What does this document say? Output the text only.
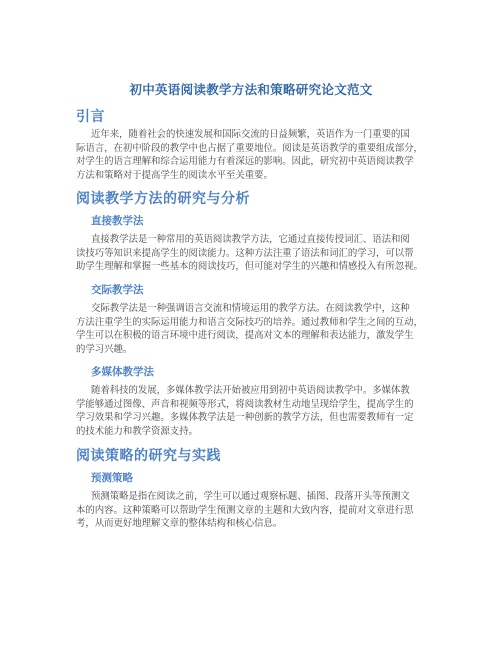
初中英语阅读教学方法和策略研究论文范文
引言
近年来，随着社会的快速发展和国际交流的日益频繁，英语作为一门重要的国
际语言，在初中阶段的教学中也占据了重要地位。阅读是英语教学的重要组成部分，
对学生的语言理解和综合运用能力有着深远的影响。因此，研究初中英语阅读教学
方法和策略对于提高学生的阅读水平至关重要。
阅读教学方法的研究与分析
直接教学法
直接教学法是一种常用的英语阅读教学方法，它通过直接传授词汇、语法和阅
读技巧等知识来提高学生的阅读能力。这种方法注重了语法和词汇的学习，可以帮
助学生理解和掌握一些基本的阅读技巧，但可能对学生的兴趣和情感投入有所忽视。
交际教学法
交际教学法是一种强调语言交流和情境运用的教学方法。在阅读教学中，这种
方法注重学生的实际运用能力和语言交际技巧的培养。通过教师和学生之间的互动，
学生可以在积极的语言环境中进行阅读，提高对文本的理解和表达能力，激发学生
的学习兴趣。
多媒体教学法
随着科技的发展，多媒体教学法开始被应用到初中英语阅读教学中。多媒体教
学能够通过图像、声音和视频等形式，将阅读教材生动地呈现给学生，提高学生的
学习效果和学习兴趣。多媒体教学法是一种创新的教学方法，但也需要教师有一定
的技术能力和教学资源支持。
阅读策略的研究与实践
预测策略
预测策略是指在阅读之前，学生可以通过观察标题、插图、段落开头等预测文
本的内容。这种策略可以帮助学生预测文章的主题和大致内容，提前对文章进行思
考，从而更好地理解文章的整体结构和核心信息。
